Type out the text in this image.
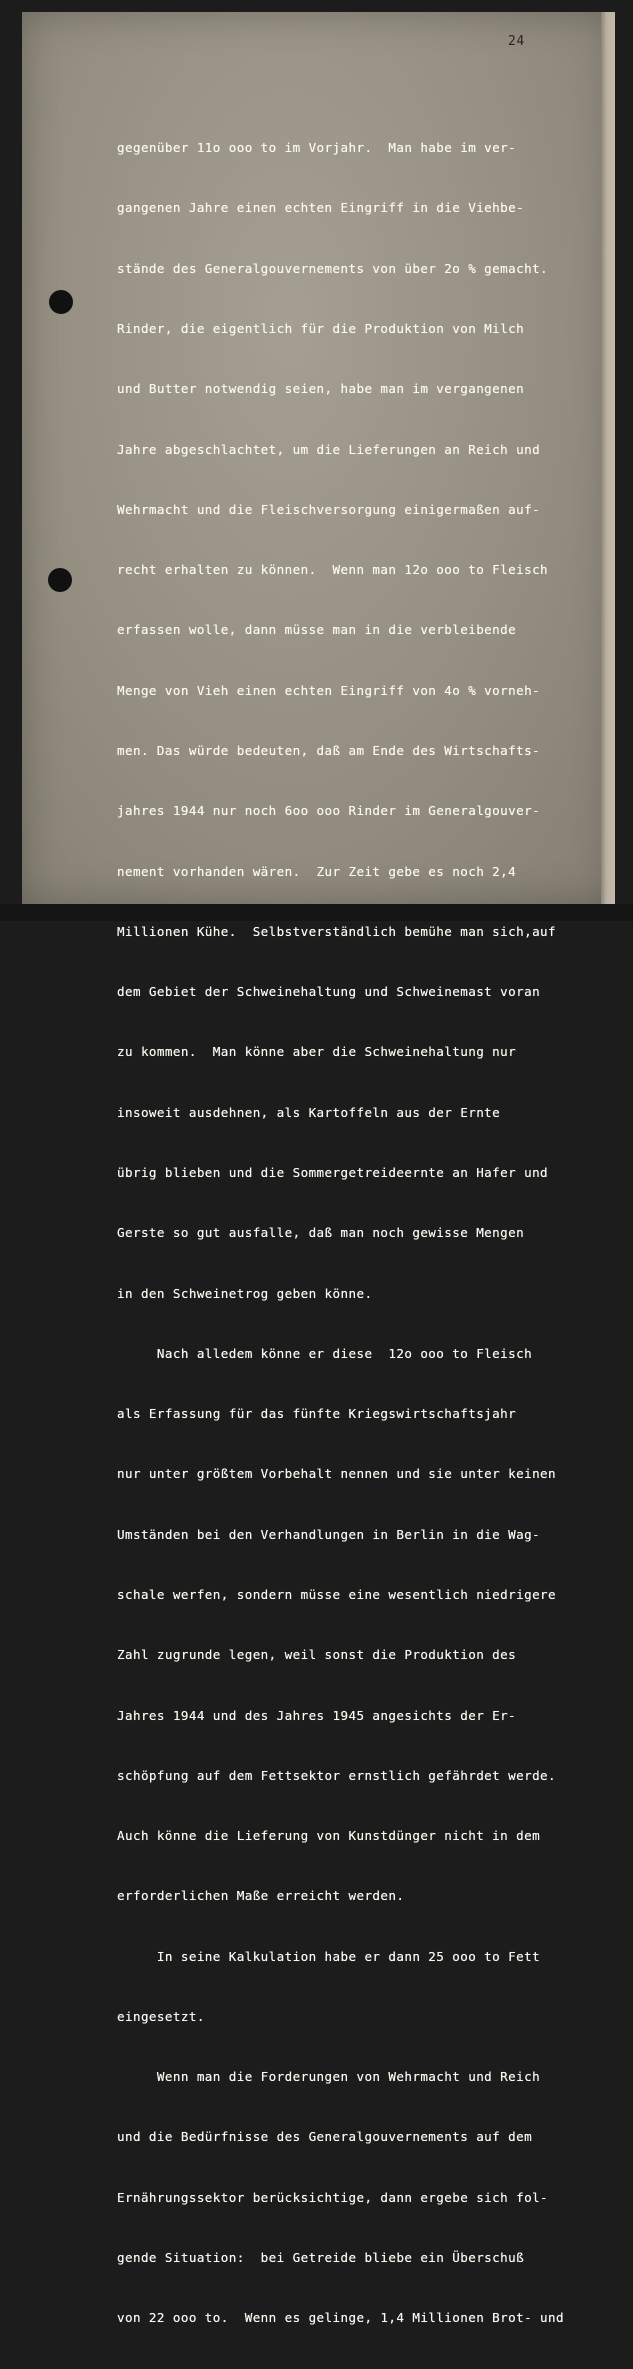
24

gegenüber 11o ooo to im Vorjahr.  Man habe im ver-

gangenen Jahre einen echten Eingriff in die Viehbe-

stände des Generalgouvernements von über 2o % gemacht.

Rinder, die eigentlich für die Produktion von Milch

und Butter notwendig seien, habe man im vergangenen

Jahre abgeschlachtet, um die Lieferungen an Reich und

Wehrmacht und die Fleischversorgung einigermaßen auf-

recht erhalten zu können.  Wenn man 12o ooo to Fleisch

erfassen wolle, dann müsse man in die verbleibende

Menge von Vieh einen echten Eingriff von 4o % vorneh-

men. Das würde bedeuten, daß am Ende des Wirtschafts-

jahres 1944 nur noch 6oo ooo Rinder im Generalgouver-

nement vorhanden wären.  Zur Zeit gebe es noch 2,4

Millionen Kühe.  Selbstverständlich bemühe man sich,auf

dem Gebiet der Schweinehaltung und Schweinemast voran

zu kommen.  Man könne aber die Schweinehaltung nur

insoweit ausdehnen, als Kartoffeln aus der Ernte

übrig blieben und die Sommergetreideernte an Hafer und

Gerste so gut ausfalle, daß man noch gewisse Mengen

in den Schweinetrog geben könne.

Nach alledem könne er diese  12o ooo to Fleisch

als Erfassung für das fünfte Kriegswirtschaftsjahr

nur unter größtem Vorbehalt nennen und sie unter keinen

Umständen bei den Verhandlungen in Berlin in die Wag-

schale werfen, sondern müsse eine wesentlich niedrigere

Zahl zugrunde legen, weil sonst die Produktion des

Jahres 1944 und des Jahres 1945 angesichts der Er-

schöpfung auf dem Fettsektor ernstlich gefährdet werde.

Auch könne die Lieferung von Kunstdünger nicht in dem

erforderlichen Maße erreicht werden.

In seine Kalkulation habe er dann 25 ooo to Fett

eingesetzt.

Wenn man die Forderungen von Wehrmacht und Reich

und die Bedürfnisse des Generalgouvernements auf dem

Ernährungssektor berücksichtige, dann ergebe sich fol-

gende Situation:  bei Getreide bliebe ein Überschuß

von 22 ooo to.  Wenn es gelinge, 1,4 Millionen Brot- und
